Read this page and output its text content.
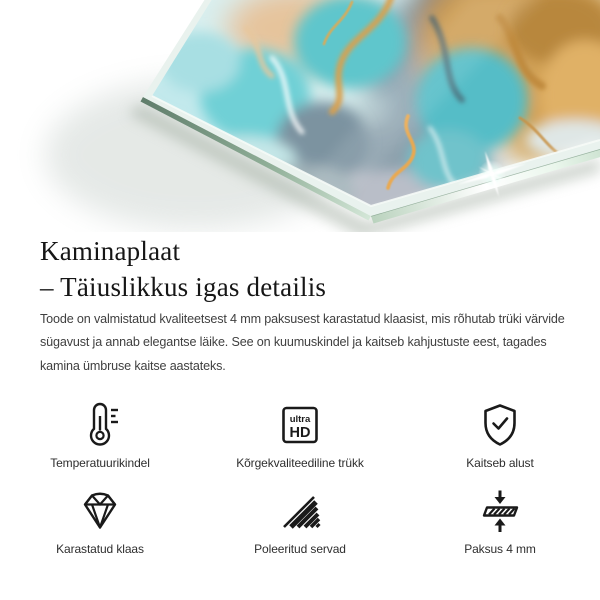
Kaminaplaat
– Täiuslikkus igas detailis

Toode on valmistatud kvaliteetsest 4 mm paksusest karastatud klaasist, mis rõhutab trüki värvide
sügavust ja annab elegantse läike. See on kuumuskindel ja kaitseb kahjustuste eest, tagades
kamina ümbruse kaitse aastateks.

Temperatuurikindel
ultra
HD
Kõrgekvaliteediline trükk	Kaitseb alust
Karastatud klaas	Poleeritud servad	Paksus 4 mm
